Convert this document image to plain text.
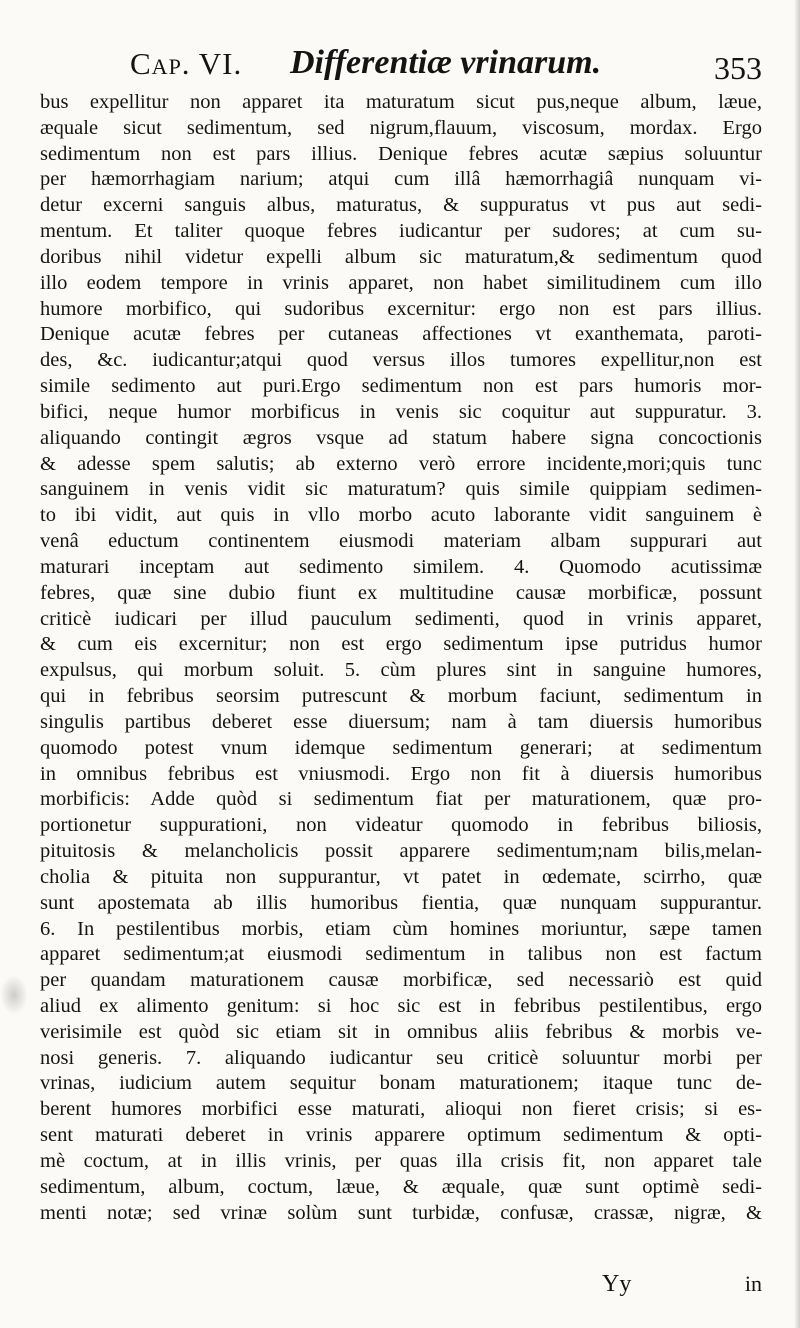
Cap. VI. Differentiæ vrinarum.	353
bus expellitur non apparet ita maturatum sicut pus,neque album, læue,
æquale sicut sedimentum, sed nigrum,flauum, viscosum, mordax. Ergo
sedimentum non est pars illius. Denique febres acutæ sæpius soluuntur
per hæmorrhagiam narium; atqui cum illâ hæmorrhagiâ nunquam vi-
detur excerni sanguis albus, maturatus, & suppuratus vt pus aut sedi-
mentum. Et taliter quoque febres iudicantur per sudores; at cum su-
doribus nihil videtur expelli album sic maturatum,& sedimentum quod
illo eodem tempore in vrinis apparet, non habet similitudinem cum illo
humore morbifico, qui sudoribus excernitur: ergo non est pars illius.
Denique acutæ febres per cutaneas affectiones vt exanthemata, paroti-
des, &c. iudicantur;atqui quod versus illos tumores expellitur,non est
simile sedimento aut puri.Ergo sedimentum non est pars humoris mor-
bifici, neque humor morbificus in venis sic coquitur aut suppuratur. 3.
aliquando contingit ægros vsque ad statum habere signa concoctionis
& adesse spem salutis; ab externo verò errore incidente,mori;quis tunc
sanguinem in venis vidit sic maturatum? quis simile quippiam sedimen-
to ibi vidit, aut quis in vllo morbo acuto laborante vidit sanguinem è
venâ eductum continentem eiusmodi materiam albam suppurari aut
maturari inceptam aut sedimento similem. 4. Quomodo acutissimæ
febres, quæ sine dubio fiunt ex multitudine causæ morbificæ, possunt
criticè iudicari per illud pauculum sedimenti, quod in vrinis apparet,
& cum eis excernitur; non est ergo sedimentum ipse putridus humor
expulsus, qui morbum soluit. 5. cùm plures sint in sanguine humores,
qui in febribus seorsim putrescunt & morbum faciunt, sedimentum in
singulis partibus deberet esse diuersum; nam à tam diuersis humoribus
quomodo potest vnum idemque sedimentum generari; at sedimentum
in omnibus febribus est vniusmodi. Ergo non fit à diuersis humoribus
morbificis: Adde quòd si sedimentum fiat per maturationem, quæ pro-
portionetur suppurationi, non videatur quomodo in febribus biliosis,
pituitosis & melancholicis possit apparere sedimentum;nam bilis,melan-
cholia & pituita non suppurantur, vt patet in œdemate, scirrho, quæ
sunt apostemata ab illis humoribus fientia, quæ nunquam suppurantur.
6. In pestilentibus morbis, etiam cùm homines moriuntur, sæpe tamen
apparet sedimentum;at eiusmodi sedimentum in talibus non est factum
per quandam maturationem causæ morbificæ, sed necessariò est quid
aliud ex alimento genitum: si hoc sic est in febribus pestilentibus, ergo
verisimile est quòd sic etiam sit in omnibus aliis febribus & morbis ve-
nosi generis. 7. aliquando iudicantur seu criticè soluuntur morbi per
vrinas, iudicium autem sequitur bonam maturationem; itaque tunc de-
berent humores morbifici esse maturati, alioqui non fieret crisis; si es-
sent maturati deberet in vrinis apparere optimum sedimentum & opti-
mè coctum, at in illis vrinis, per quas illa crisis fit, non apparet tale
sedimentum, album, coctum, læue, & æquale, quæ sunt optimè sedi-
menti notæ; sed vrinæ solùm sunt turbidæ, confusæ, crassæ, nigræ, &
Yy	in
